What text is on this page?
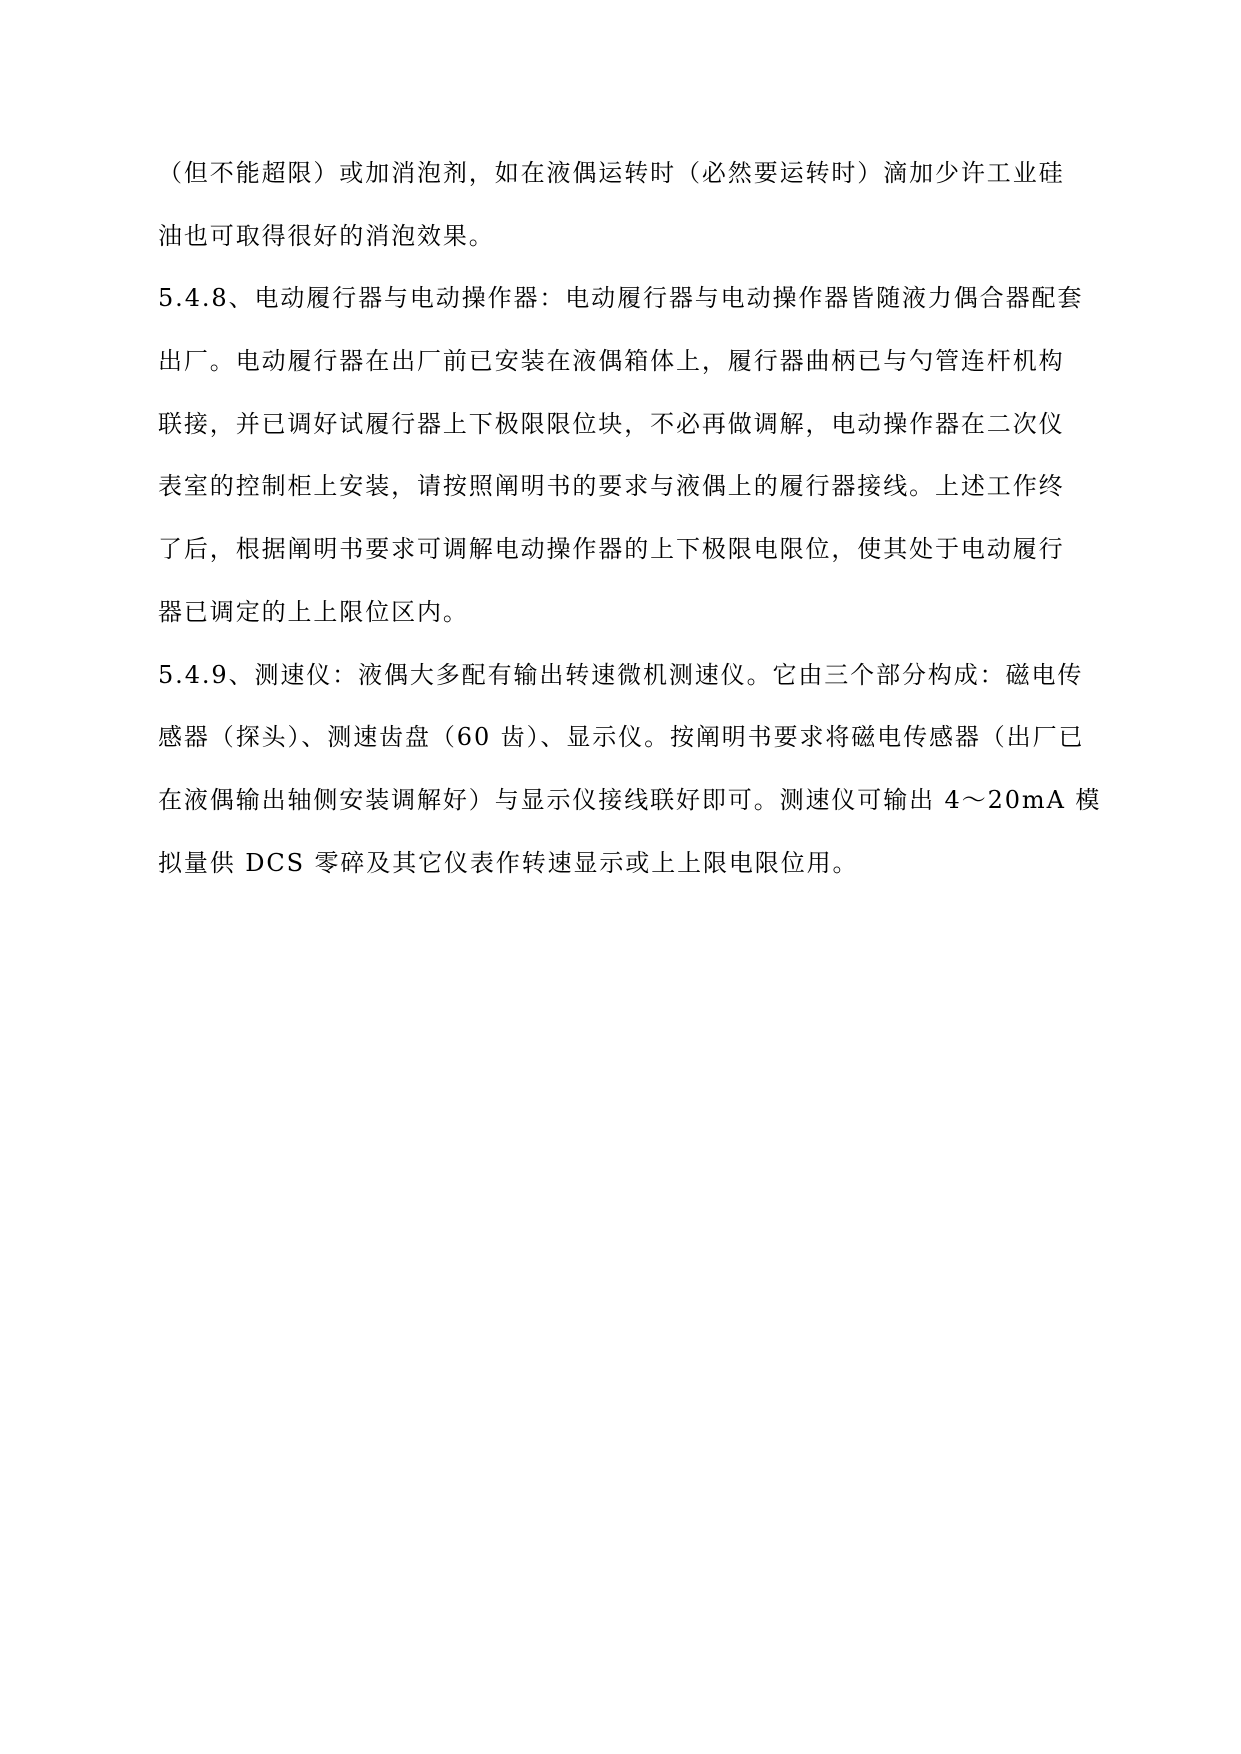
（但不能超限）或加消泡剂，如在液偶运转时（必然要运转时）滴加少许工业硅
油也可取得很好的消泡效果。
5.4.8、电动履行器与电动操作器：电动履行器与电动操作器皆随液力偶合器配套
出厂。电动履行器在出厂前已安装在液偶箱体上，履行器曲柄已与勺管连杆机构
联接，并已调好试履行器上下极限限位块，不必再做调解，电动操作器在二次仪
表室的控制柜上安装，请按照阐明书的要求与液偶上的履行器接线。上述工作终
了后，根据阐明书要求可调解电动操作器的上下极限电限位，使其处于电动履行
器已调定的上上限位区内。
5.4.9、测速仪：液偶大多配有输出转速微机测速仪。它由三个部分构成：磁电传
感器（探头）、测速齿盘（60 齿）、显示仪。按阐明书要求将磁电传感器（出厂已
在液偶输出轴侧安装调解好）与显示仪接线联好即可。测速仪可输出 4～20mA 模
拟量供 DCS 零碎及其它仪表作转速显示或上上限电限位用。
